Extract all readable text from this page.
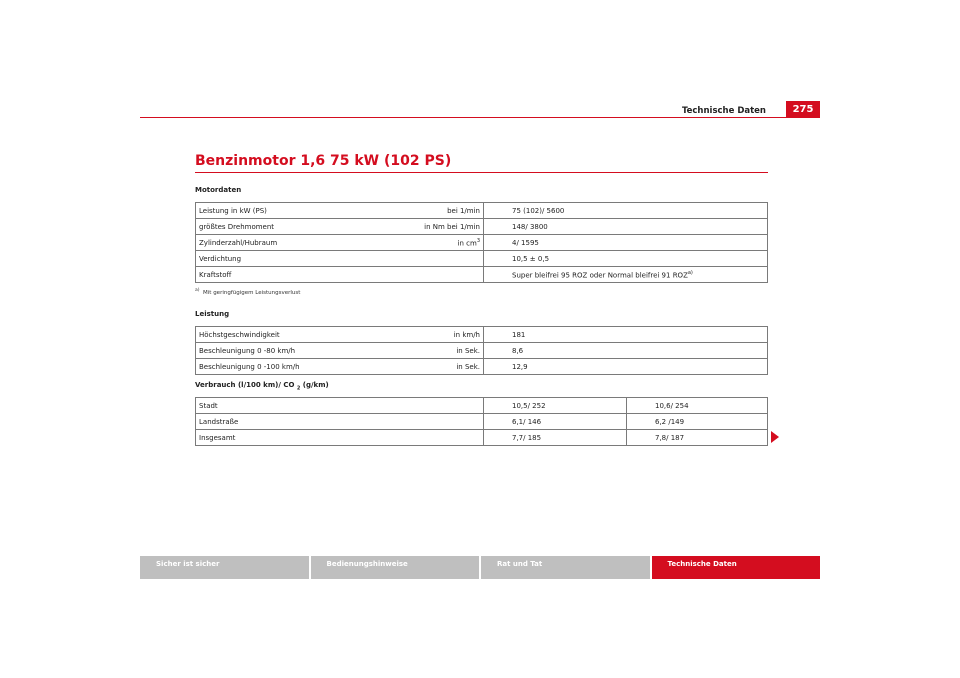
Technische Daten	275
Benzinmotor 1,6 75 kW (102 PS)
Motordaten
Leistung in kW (PS)	bei 1/min	75 (102)/ 5600
größtes Drehmoment	in Nm bei 1/min	148/ 3800
Zylinderzahl/Hubraum	in $cm^3$	4/ 1595
Verdichtung		10,5 ± 0,5
Kraftstoff		Super bleifrei 95 ROZ oder Normal bleifrei 91 ROZ$^{a)}$
$^{a)}$ Mit geringfügigem Leistungsverlust
Leistung
Höchstgeschwindigkeit	in km/h	181
Beschleunigung 0 -80 km/h	in Sek.	8,6
Beschleunigung 0 -100 km/h	in Sek.	12,9
Verbrauch (l/100 km)/ CO $_2$ (g/km)
Stadt	10,5/ 252	10,6/ 254
Landstraße	6,1/ 146	6,2 /149
Insgesamt	7,7/ 185	7,8/ 187
Sicher ist sicher	Bedienungshinweise	Rat und Tat	Technische Daten
